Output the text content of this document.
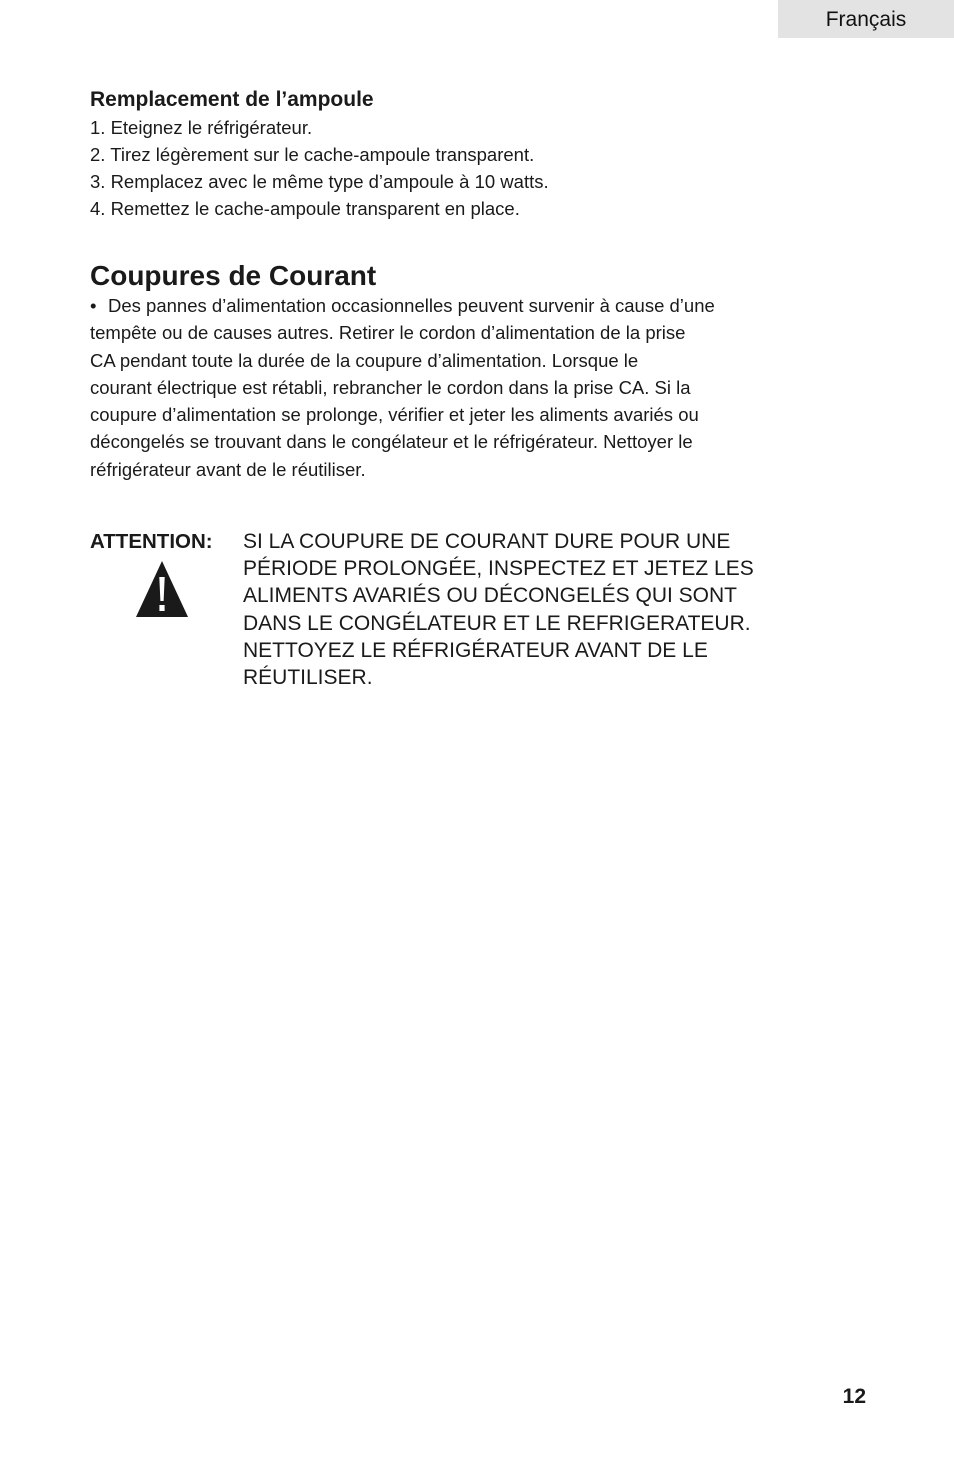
Français
Remplacement de l’ampoule
1. Eteignez le réfrigérateur.
2. Tirez légèrement sur le cache-ampoule transparent.
3. Remplacez avec le même type d’ampoule à 10 watts.
4. Remettez le cache-ampoule transparent en place.
Coupures de Courant
• Des pannes d’alimentation occasionnelles peuvent survenir à cause d’une
tempête ou de causes autres. Retirer le cordon d’alimentation de la prise
CA pendant toute la durée de la coupure d’alimentation. Lorsque le
courant électrique est rétabli, rebrancher le cordon dans la prise CA. Si la
coupure d’alimentation se prolonge, vérifier et jeter les aliments avariés ou
décongelés se trouvant dans le congélateur et le réfrigérateur. Nettoyer le
réfrigérateur avant de le réutiliser.
ATTENTION: SI LA COUPURE DE COURANT DURE POUR UNE
PÉRIODE PROLONGÉE, INSPECTEZ ET JETEZ LES
ALIMENTS AVARIÉS OU DÉCONGELÉS QUI SONT
DANS LE CONGÉLATEUR ET LE REFRIGERATEUR.
NETTOYEZ LE RÉFRIGÉRATEUR AVANT DE LE
RÉUTILISER.
12
